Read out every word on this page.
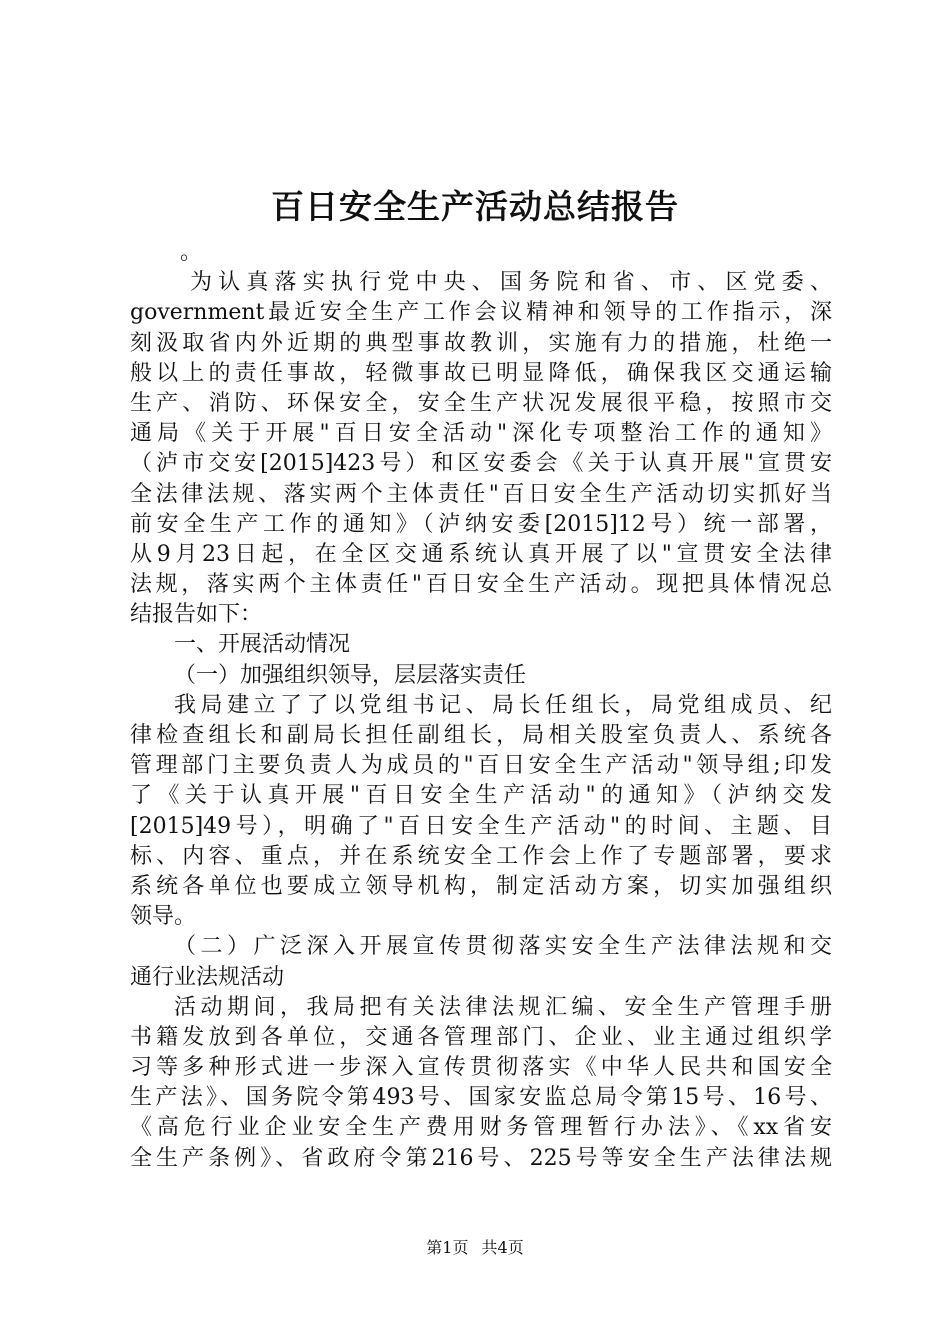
百日安全生产活动总结报告
。
为认真落实执行党中央、国务院和省、市、区党委、
government最近安全生产工作会议精神和领导的工作指示，深
刻汲取省内外近期的典型事故教训，实施有力的措施，杜绝一
般以上的责任事故，轻微事故已明显降低，确保我区交通运输
生产、消防、环保安全，安全生产状况发展很平稳，按照市交
通局《关于开展"百日安全活动"深化专项整治工作的通知》
（泸市交安[2015]423号）和区安委会《关于认真开展"宣贯安
全法律法规、落实两个主体责任"百日安全生产活动切实抓好当
前安全生产工作的通知》（泸纳安委[2015]12号）统一部署，
从9月23日起，在全区交通系统认真开展了以"宣贯安全法律
法规，落实两个主体责任"百日安全生产活动。现把具体情况总
结报告如下：
一、开展活动情况
（一）加强组织领导，层层落实责任
我局建立了了以党组书记、局长任组长，局党组成员、纪
律检查组长和副局长担任副组长，局相关股室负责人、系统各
管理部门主要负责人为成员的"百日安全生产活动"领导组;印发
了《关于认真开展"百日安全生产活动"的通知》（泸纳交发
[2015]49号），明确了"百日安全生产活动"的时间、主题、目
标、内容、重点，并在系统安全工作会上作了专题部署，要求
系统各单位也要成立领导机构，制定活动方案，切实加强组织
领导。
（二）广泛深入开展宣传贯彻落实安全生产法律法规和交
通行业法规活动
活动期间，我局把有关法律法规汇编、安全生产管理手册
书籍发放到各单位，交通各管理部门、企业、业主通过组织学
习等多种形式进一步深入宣传贯彻落实《中华人民共和国安全
生产法》、国务院令第493号、国家安监总局令第15号、16号、
《高危行业企业安全生产费用财务管理暂行办法》、《xx省安
全生产条例》、省政府令第216号、225号等安全生产法律法规
第1页 共4页
